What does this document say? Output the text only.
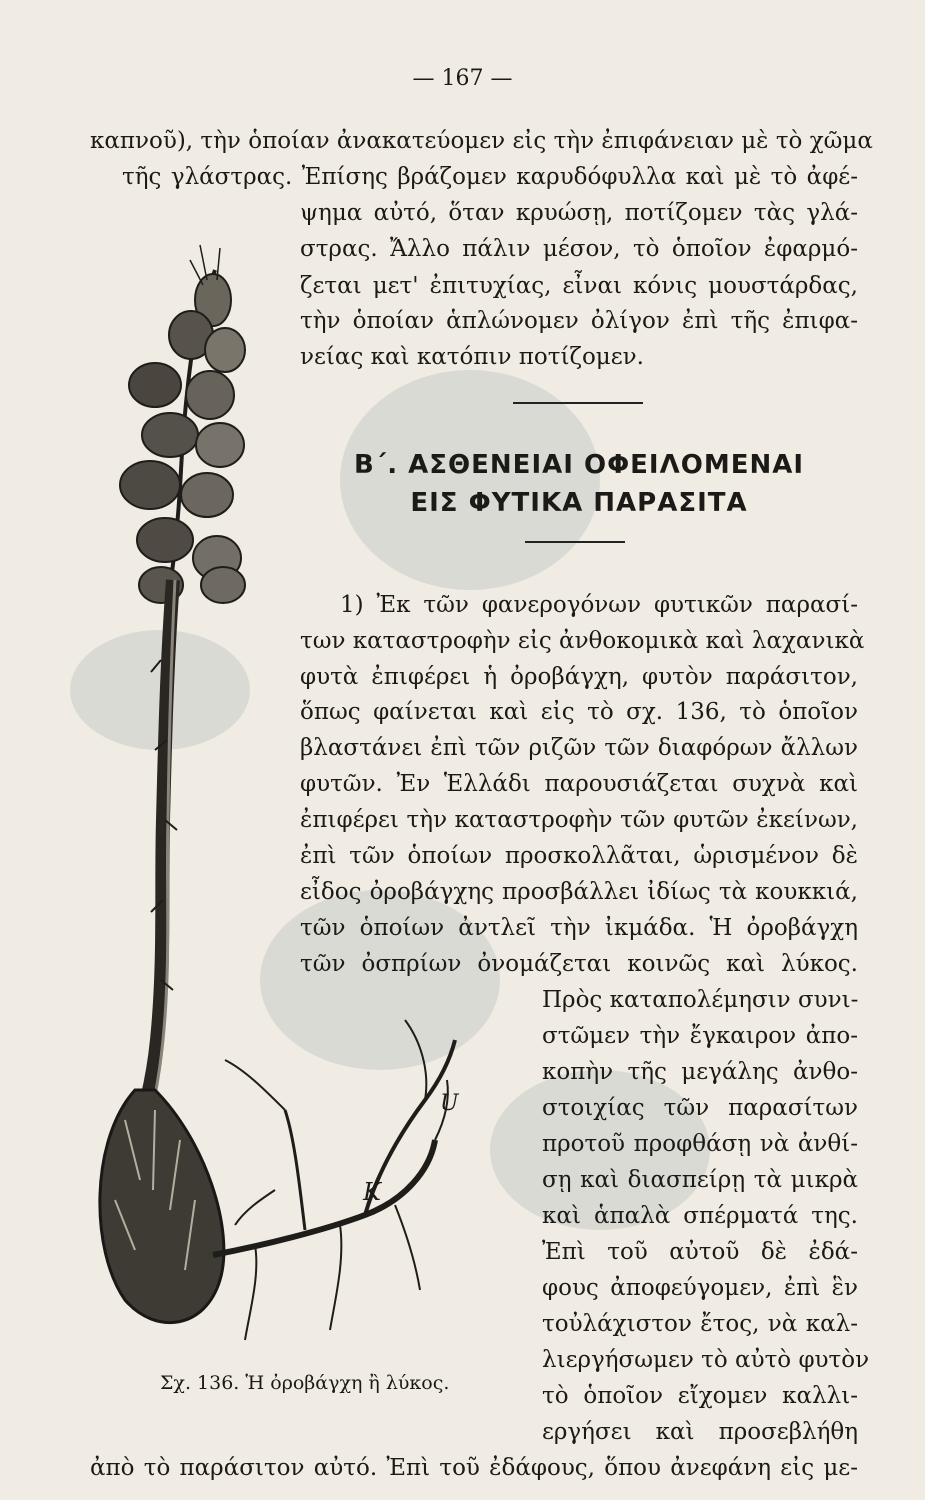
— 167 —
καπνοῦ), τὴν ὁποίαν ἀνακατεύομεν εἰς τὴν ἐπιφάνειαν μὲ τὸ χῶμα
τῆς γλάστρας. Ἐπίσης βράζομεν καρυδόφυλλα καὶ μὲ τὸ ἀφέ-
ψημα αὐτό, ὅταν κρυώσῃ, ποτίζομεν τὰς γλά-
στρας. Ἄλλο πάλιν μέσον, τὸ ὁποῖον ἐφαρμό-
ζεται μετ' ἐπιτυχίας, εἶναι κόνις μουστάρδας,
τὴν ὁποίαν ἁπλώνομεν ὀλίγον ἐπὶ τῆς ἐπιφα-
νείας καὶ κατόπιν ποτίζομεν.
Β΄. ΑΣΘΕΝΕΙΑΙ ΟΦΕΙΛΟΜΕΝΑΙ
ΕΙΣ ΦΥΤΙΚΑ ΠΑΡΑΣΙΤΑ
1) Ἐκ τῶν φανερογόνων φυτικῶν παρασί-
των καταστροφὴν εἰς ἀνθοκομικὰ καὶ λαχανικὰ
φυτὰ ἐπιφέρει ἡ ὀροβάγχη, φυτὸν παράσιτον,
ὅπως φαίνεται καὶ εἰς τὸ σχ. 136, τὸ ὁποῖον
βλαστάνει ἐπὶ τῶν ριζῶν τῶν διαφόρων ἄλλων
φυτῶν. Ἐν Ἑλλάδι παρουσιάζεται συχνὰ καὶ
ἐπιφέρει τὴν καταστροφὴν τῶν φυτῶν ἐκείνων,
ἐπὶ τῶν ὁποίων προσκολλᾶται, ὡρισμένον δὲ
εἶδος ὀροβάγχης προσβάλλει ἰδίως τὰ κουκκιά,
τῶν ὁποίων ἀντλεῖ τὴν ἰκμάδα. Ἡ ὀροβάγχη
τῶν ὀσπρίων ὀνομάζεται κοινῶς καὶ λύκος.
Πρὸς καταπολέμησιν συνι-
στῶμεν τὴν ἔγκαιρον ἀπο-
κοπὴν τῆς μεγάλης ἀνθο-
στοιχίας τῶν παρασίτων
προτοῦ προφθάσῃ νὰ ἀνθί-
σῃ καὶ διασπείρῃ τὰ μικρὰ
καὶ ἁπαλὰ σπέρματά της.
Ἐπὶ τοῦ αὐτοῦ δὲ ἐδά-
φους ἀποφεύγομεν, ἐπὶ ἓν
τοὐλάχιστον ἔτος, νὰ καλ-
λιεργήσωμεν τὸ αὐτὸ φυτὸν
τὸ ὁποῖον εἴχομεν καλλι-
εργήσει καὶ προσεβλήθη
ἀπὸ τὸ παράσιτον αὐτό. Ἐπὶ τοῦ ἐδάφους, ὅπου ἀνεφάνη εἰς με-
K
U
Σχ. 136. Ἡ ὀροβάγχη ἢ λύκος.
